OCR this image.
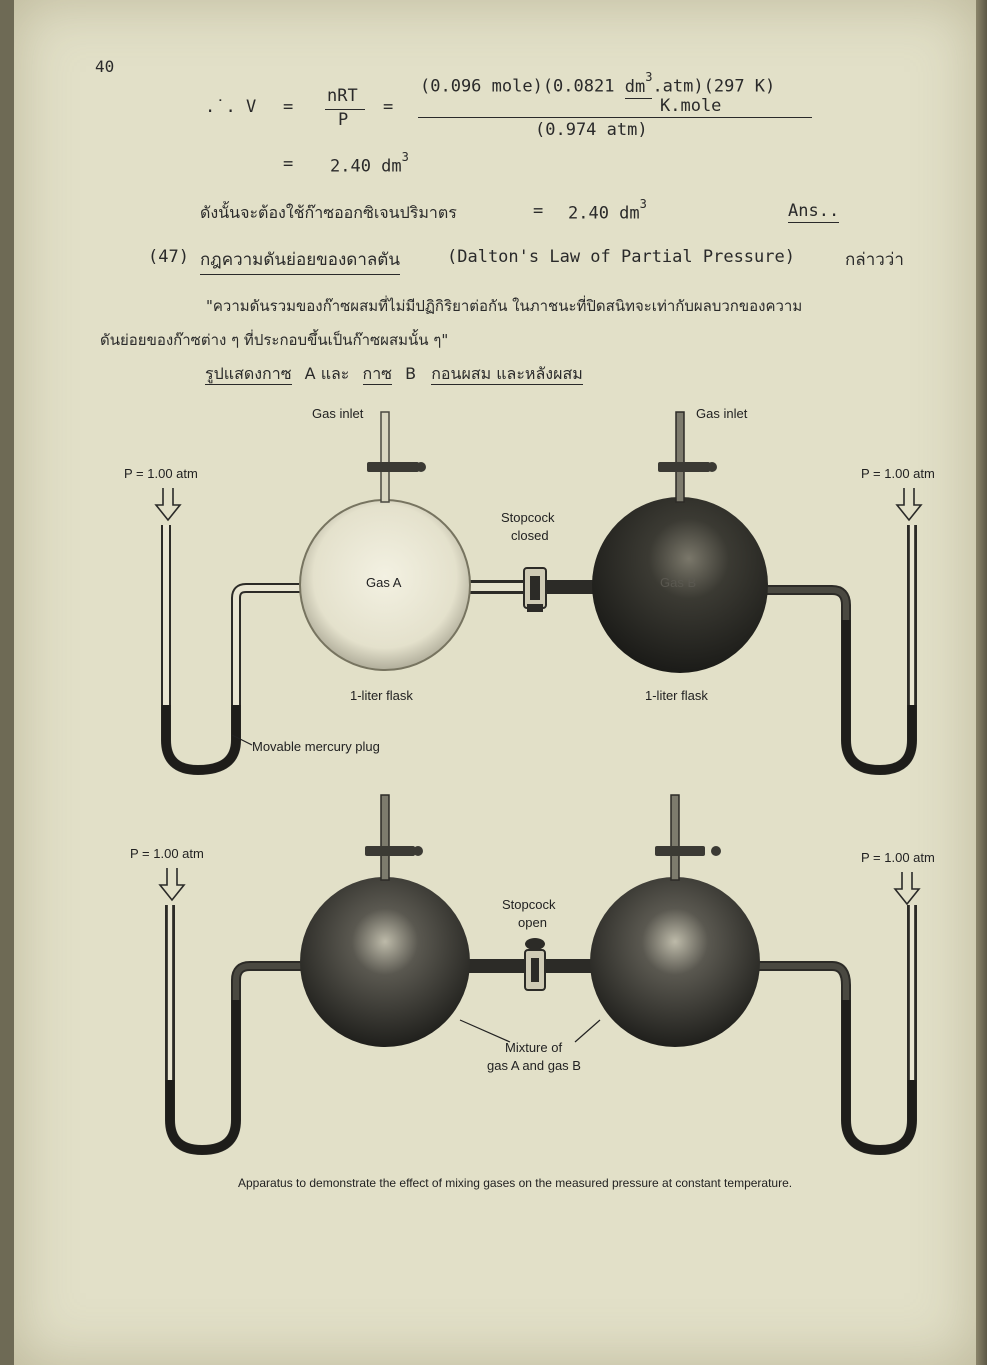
40
.˙. V =
nRT
P
=
(0.096 mole)(0.0821 $dm^3.atm)(297$ K)
K.mole
(0.974 atm)
= 2.40 $dm^3$
ดังนั้นจะต้องใช้ก๊าซออกซิเจนปริมาตร	= 2.40 $dm^3$	Ans..
(47) กฎความดันย่อยของดาลตัน	(Dalton's Law of Partial Pressure)	กล่าวว่า
"ความดันรวมของก๊าซผสมที่ไม่มีปฏิกิริยาต่อกัน ในภาชนะที่ปิดสนิทจะเท่ากับผลบวกของความ
ดันย่อยของก๊าซต่าง ๆ ที่ประกอบขึ้นเป็นก๊าซผสมนั้น ๆ"
รูปแสดงกาซ A และ กาซ B กอนผสม และหลังผสม
Gas inlet	Gas inlet
P = 1.00 atm	P = 1.00 atm
Stopcock
closed
Gas A	Gas B
1-liter flask	1-liter flask
Movable mercury plug
P = 1.00 atm	P = 1.00 atm
Stopcock
open
Mixture of
gas A and gas B
Apparatus to demonstrate the effect of mixing gases on the measured pressure at constant temperature.
